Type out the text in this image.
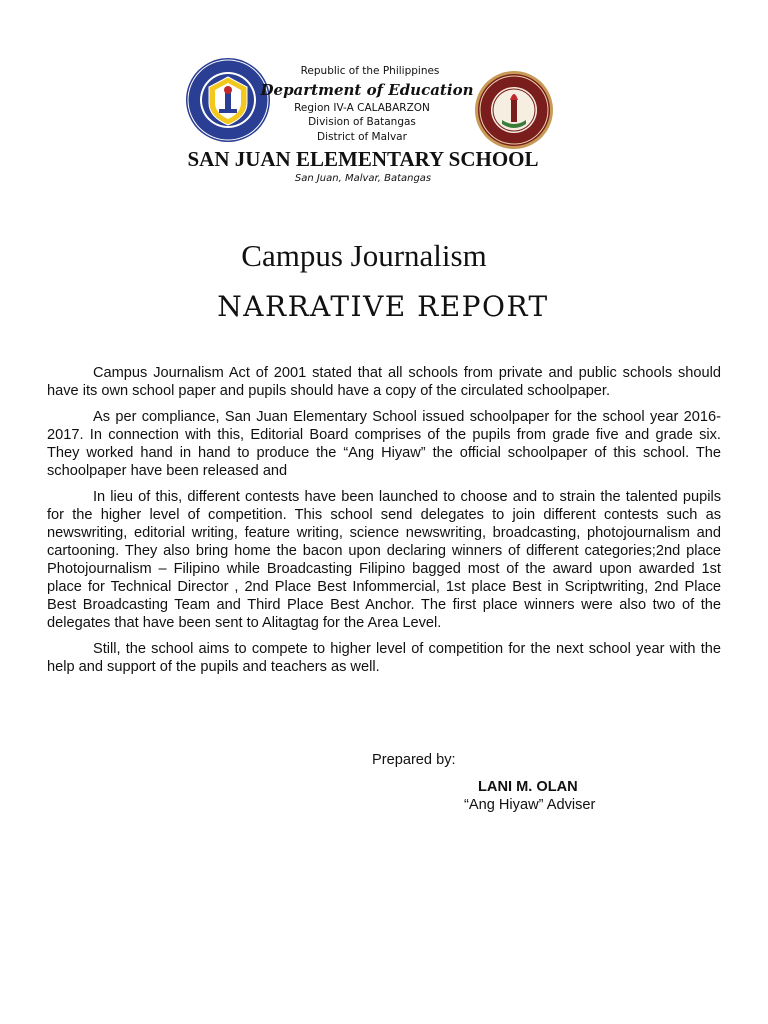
Republic of the Philippines
Department of Education
Region IV-A CALABARZON
Division of Batangas
District of Malvar
SAN JUAN ELEMENTARY SCHOOL
San Juan, Malvar, Batangas
Campus Journalism
NARRATIVE REPORT

Campus Journalism Act of 2001 stated that all schools from private and public schools should have its own school paper and pupils should have a copy of the circulated schoolpaper.

As per compliance, San Juan Elementary School issued schoolpaper for the school year 2016-2017. In connection with this, Editorial Board comprises of the pupils from grade five and grade six. They worked hand in hand to produce the “Ang Hiyaw” the official schoolpaper of this school. The schoolpaper have been released and

In lieu of this, different contests have been launched to choose and to strain the talented pupils for the higher level of competition. This school send delegates to join different contests such as newswriting, editorial writing, feature writing, science newswriting, broadcasting, photojournalism and cartooning. They also bring home the bacon upon declaring winners of different categories;2nd place Photojournalism – Filipino while Broadcasting Filipino bagged most of the award upon awarded 1st place for Technical Director , 2nd Place Best Infommercial, 1st place Best in Scriptwriting, 2nd Place Best Broadcasting Team and Third Place Best Anchor. The first place winners were also two of the delegates that have been sent to Alitagtag for the Area Level.

Still, the school aims to compete to higher level of competition for the next school year with the help and support of the pupils and teachers as well.

Prepared by:
LANI M. OLAN
“Ang Hiyaw” Adviser
